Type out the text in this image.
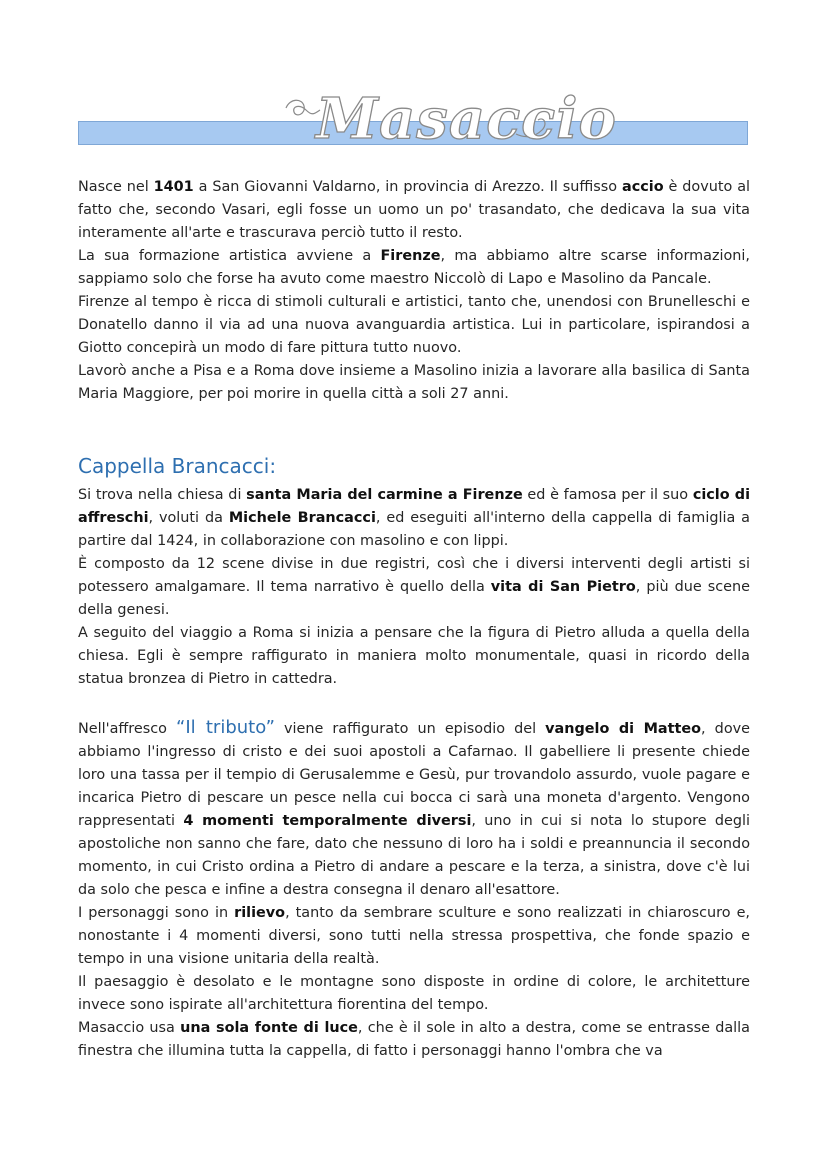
Masaccio

Nasce nel 1401 a San Giovanni Valdarno, in provincia di Arezzo. Il suffisso accio è dovuto al fatto che, secondo Vasari, egli fosse un uomo un po' trasandato, che dedicava la sua vita interamente all'arte e trascurava perciò tutto il resto.

La sua formazione artistica avviene a Firenze, ma abbiamo altre scarse informazioni, sappiamo solo che forse ha avuto come maestro Niccolò di Lapo e Masolino da Pancale.

Firenze al tempo è ricca di stimoli culturali e artistici, tanto che, unendosi con Brunelleschi e Donatello danno il via ad una nuova avanguardia artistica. Lui in particolare, ispirandosi a Giotto concepirà un modo di fare pittura tutto nuovo.

Lavorò anche a Pisa e a Roma dove insieme a Masolino inizia a lavorare alla basilica di Santa Maria Maggiore, per poi morire in quella città a soli 27 anni.

Cappella Brancacci:

Si trova nella chiesa di santa Maria del carmine a Firenze ed è famosa per il suo ciclo di affreschi, voluti da Michele Brancacci, ed eseguiti all'interno della cappella di famiglia a partire dal 1424, in collaborazione con masolino e con lippi.

È composto da 12 scene divise in due registri, così che i diversi interventi degli artisti si potessero amalgamare. Il tema narrativo è quello della vita di San Pietro, più due scene della genesi.

A seguito del viaggio a Roma si inizia a pensare che la figura di Pietro alluda a quella della chiesa. Egli è sempre raffigurato in maniera molto monumentale, quasi in ricordo della statua bronzea di Pietro in cattedra.

Nell'affresco “Il tributo” viene raffigurato un episodio del vangelo di Matteo, dove abbiamo l'ingresso di cristo e dei suoi apostoli a Cafarnao. Il gabelliere li presente chiede loro una tassa per il tempio di Gerusalemme e Gesù, pur trovandolo assurdo, vuole pagare e incarica Pietro di pescare un pesce nella cui bocca ci sarà una moneta d'argento. Vengono rappresentati 4 momenti temporalmente diversi, uno in cui si nota lo stupore degli apostoliche non sanno che fare, dato che nessuno di loro ha i soldi e preannuncia il secondo momento, in cui Cristo ordina a Pietro di andare a pescare e la terza, a sinistra, dove c'è lui da solo che pesca e infine a destra consegna il denaro all'esattore.

I personaggi sono in rilievo, tanto da sembrare sculture e sono realizzati in chiaroscuro e, nonostante i 4 momenti diversi, sono tutti nella stressa prospettiva, che fonde spazio e tempo in una visione unitaria della realtà.

Il paesaggio è desolato e le montagne sono disposte in ordine di colore, le architetture invece sono ispirate all'architettura fiorentina del tempo.

Masaccio usa una sola fonte di luce, che è il sole in alto a destra, come se entrasse dalla finestra che illumina tutta la cappella, di fatto i personaggi hanno l'ombra che va
